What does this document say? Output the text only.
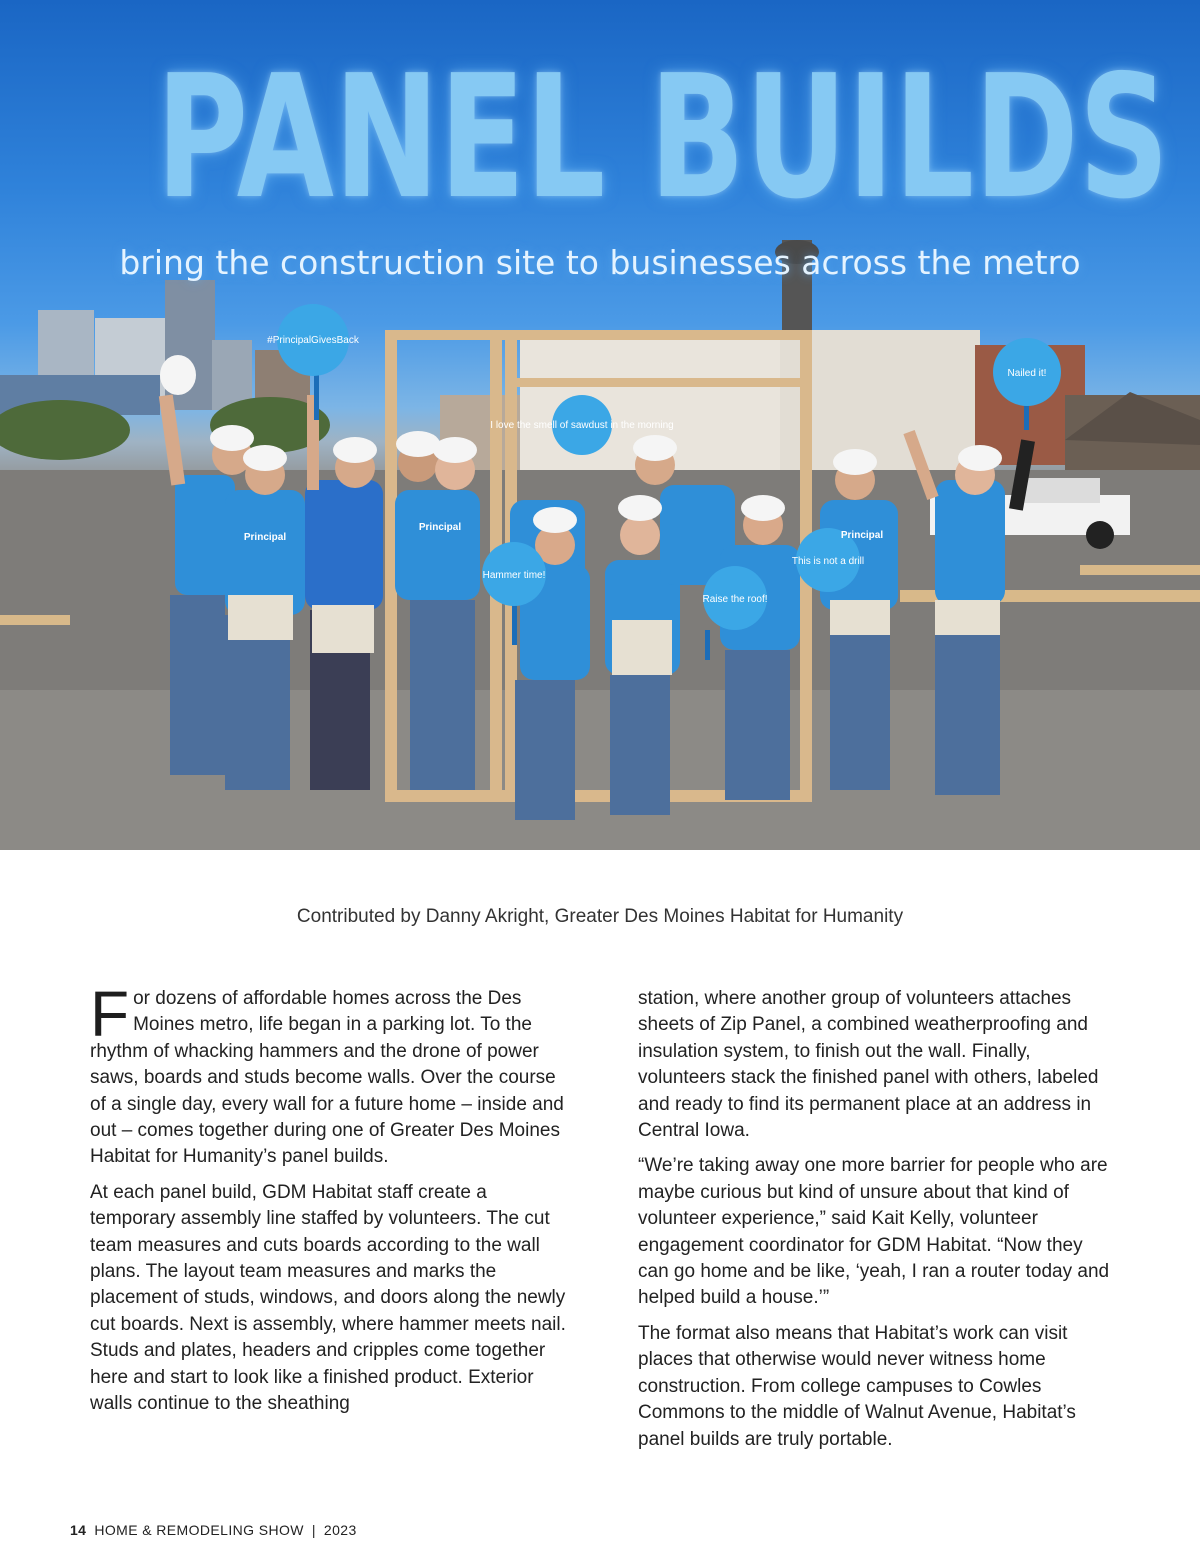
#PrincipalGivesBack
Nailed it!
I love the smell of sawdust in the morning
Hammer time!
Raise the roof!
This is not a drill
Principal
Principal
Principal
PANEL BUILDS
bring the construction site to businesses across the metro
Contributed by Danny Akright, Greater Des Moines Habitat for Humanity

For dozens of affordable homes across the Des Moines metro, life began in a parking lot. To the rhythm of whacking hammers and the drone of power saws, boards and studs become walls. Over the course of a single day, every wall for a future home – inside and out – comes together during one of Greater Des Moines Habitat for Humanity’s panel builds.

At each panel build, GDM Habitat staff create a temporary assembly line staffed by volunteers. The cut team measures and cuts boards according to the wall plans. The layout team measures and marks the placement of studs, windows, and doors along the newly cut boards. Next is assembly, where hammer meets nail. Studs and plates, headers and cripples come together here and start to look like a finished product. Exterior walls continue to the sheathing

station, where another group of volunteers attaches sheets of Zip Panel, a combined weatherproofing and insulation system, to finish out the wall. Finally, volunteers stack the finished panel with others, labeled and ready to find its permanent place at an address in Central Iowa.

“We’re taking away one more barrier for people who are maybe curious but kind of unsure about that kind of volunteer experience,” said Kait Kelly, volunteer engagement coordinator for GDM Habitat. “Now they can go home and be like, ‘yeah, I ran a router today and helped build a house.’”

The format also means that Habitat’s work can visit places that otherwise would never witness home construction. From college campuses to Cowles Commons to the middle of Walnut Avenue, Habitat’s panel builds are truly portable.

14 HOME & REMODELING SHOW | 2023
